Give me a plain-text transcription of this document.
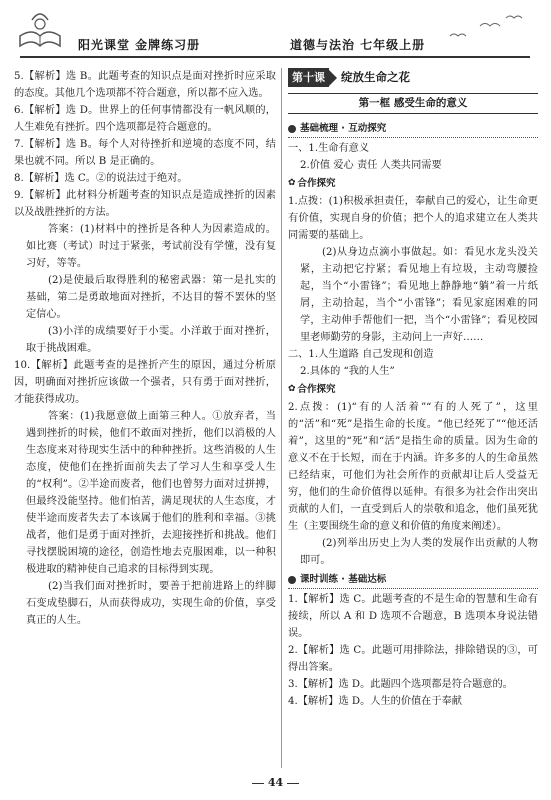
阳光课堂 金牌练习册	道德与法治 七年级上册

5.【解析】选 B。此题考查的知识点是面对挫折时应采取的态度。其他几个选项都不符合题意，所以都不应入选。

6.【解析】选 D。世界上的任何事情都没有一帆风顺的，人生难免有挫折。四个选项都是符合题意的。

7.【解析】选 B。每个人对待挫折和逆境的态度不同，结果也就不同。所以 B 是正确的。

8.【解析】选 C。②的说法过于绝对。

9.【解析】此材料分析题考查的知识点是造成挫折的因素以及战胜挫折的方法。

答案：(1)材料中的挫折是各种人为因素造成的。如比赛（考试）时过于紧张，考试前没有学懂，没有复习好，等等。

(2)是使最后取得胜利的秘密武器：第一是扎实的基础，第二是勇敢地面对挫折，不达目的誓不罢休的坚定信心。

(3)小洋的成绩要好于小雯。小洋敢于面对挫折，取于挑战困难。

10.【解析】此题考查的是挫折产生的原因，通过分析原因，明确面对挫折应该做一个强者，只有勇于面对挫折，才能获得成功。

答案：(1)我愿意做上面第三种人。①放弃者，当遇到挫折的时候，他们不敢面对挫折，他们以消极的人生态度来对待现实生活中的种种挫折。这些消极的人生态度，使他们在挫折面前失去了学习人生和享受人生的“权利”。②半途而废者，他们也曾努力面对过拼搏，但最终没能坚持。他们怕苦，满足现状的人生态度，才使半途而废者失去了本该属于他们的胜利和幸福。③挑战者，他们是勇于面对挫折，去迎接挫折和挑战。他们寻找摆脱困境的途径，创造性地去克服困难，以一种积极进取的精神使自己追求的目标得到实现。

(2)当我们面对挫折时，要善于把前进路上的绊脚石变成垫脚石，从而获得成功，实现生命的价值，享受真正的人生。

第十课	绽放生命之花
第一框 感受生命的意义
基础梳理 · 互动探究

一、1.生命有意义

2.价值 爱心 责任 人类共同需要

✿ 合作探究

1.点拨：(1)积极承担责任，奉献自己的爱心，让生命更有价值，实现自身的价值；把个人的追求建立在人类共同需要的基础上。

(2)从身边点滴小事做起。如：看见水龙头没关紧，主动把它拧紧；看见地上有垃圾，主动弯腰捡起，当个“小雷锋”；看见地上静静地“躺”着一片纸屑，主动拾起，当个“小雷锋”；看见家庭困难的同学，主动伸手帮他们一把，当个“小雷锋”；看见校园里老师勤劳的身影，主动问上一声好……

二、1.人生道路 自己发现和创造

2.具体的 “我的人生”

✿ 合作探究

2.点拨：(1)“有的人活着”“有的人死了”，这里的“活”和“死”是指生命的长度。“他已经死了”“他还活着”，这里的“死”和“活”是指生命的质量。因为生命的意义不在于长短，而在于内涵。许多多的人的生命虽然已经结束，可他们为社会所作的贡献却让后人受益无穷，他们的生命价值得以延伸。有很多为社会作出突出贡献的人们，一直受到后人的崇敬和追念，他们虽死犹生（主要围绕生命的意义和价值的角度来阐述）。

(2)列举出历史上为人类的发展作出贡献的人物即可。

课时训练 · 基础达标

1.【解析】选 C。此题考查的不是生命的智慧和生命有接续，所以 A 和 D 选项不合题意，B 选项本身说法错误。

2.【解析】选 C。此题可用排除法，排除错误的③，可得出答案。

3.【解析】选 D。此题四个选项都是符合题意的。

4.【解析】选 D。人生的价值在于奉献

44
